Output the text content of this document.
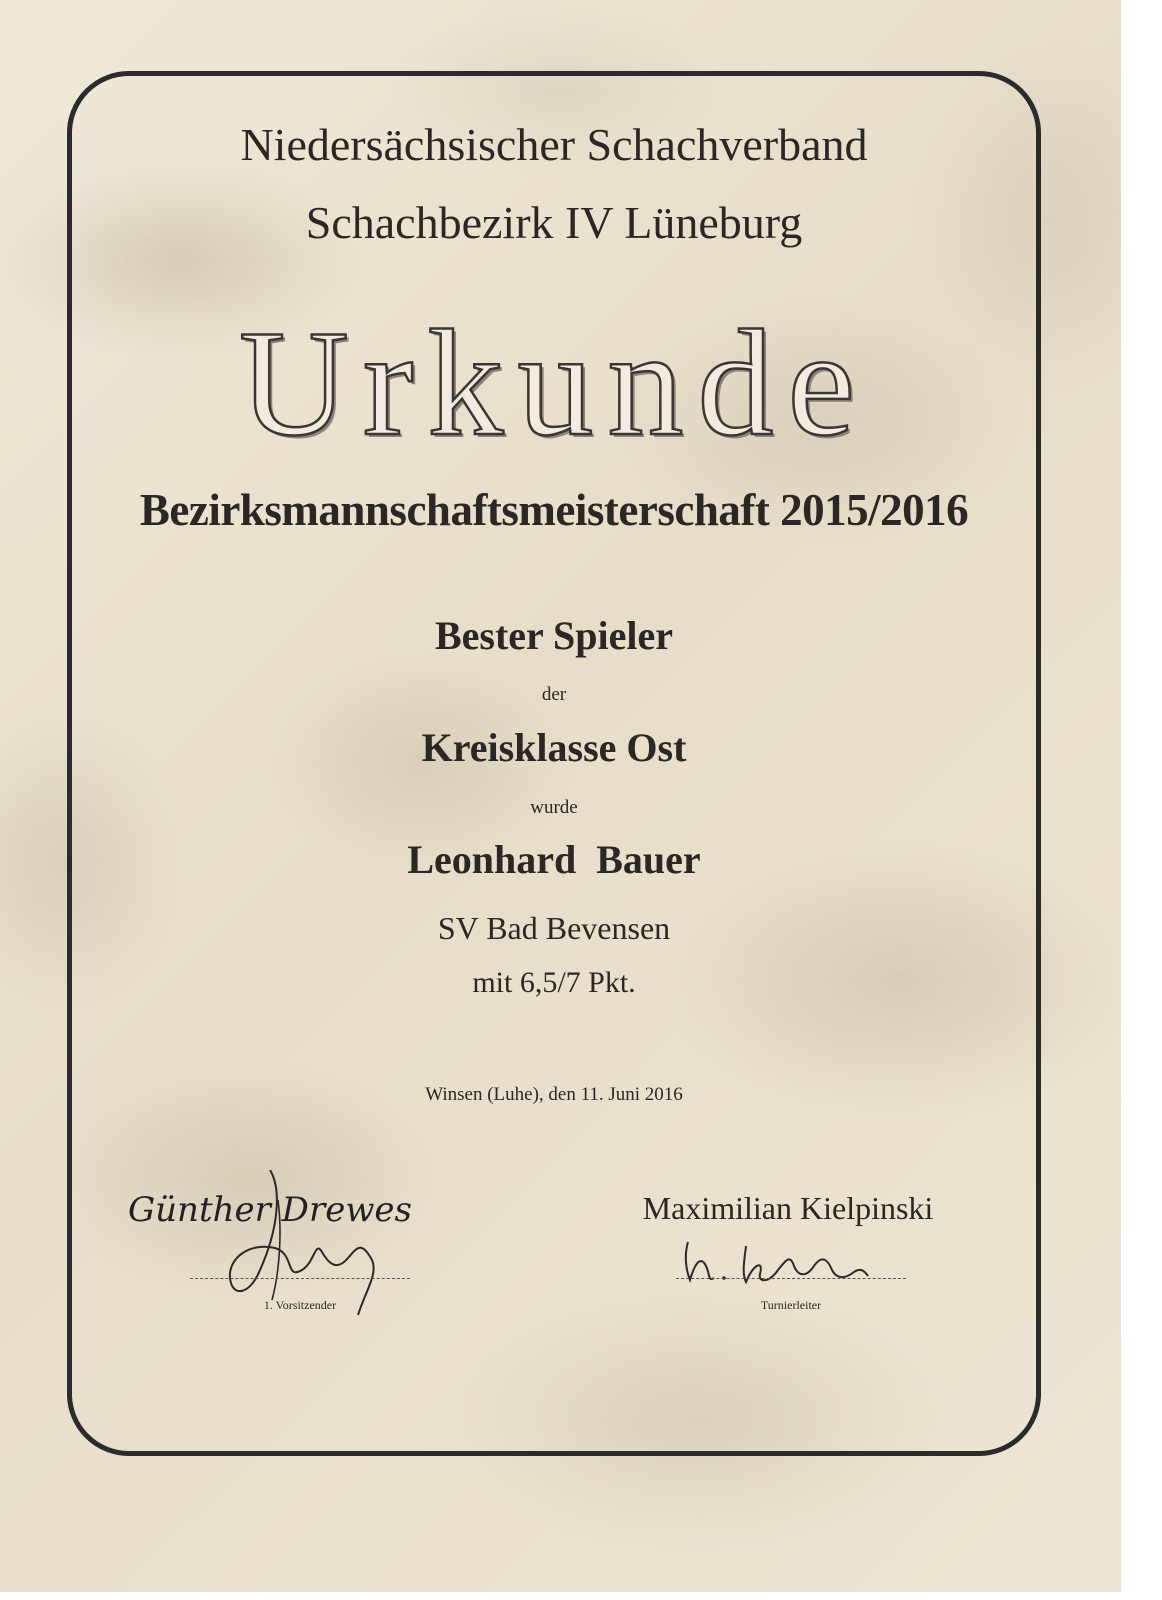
Niedersächsischer Schachverband
Schachbezirk IV Lüneburg
Urkunde
Bezirksmannschaftsmeisterschaft 2015/2016
Bester Spieler
der
Kreisklasse Ost
wurde
Leonhard Bauer
SV Bad Bevensen
mit 6,5/7 Pkt.
Winsen (Luhe), den 11. Juni 2016
Günther Drewes
1. Vorsitzender
Maximilian Kielpinski
Turnierleiter
